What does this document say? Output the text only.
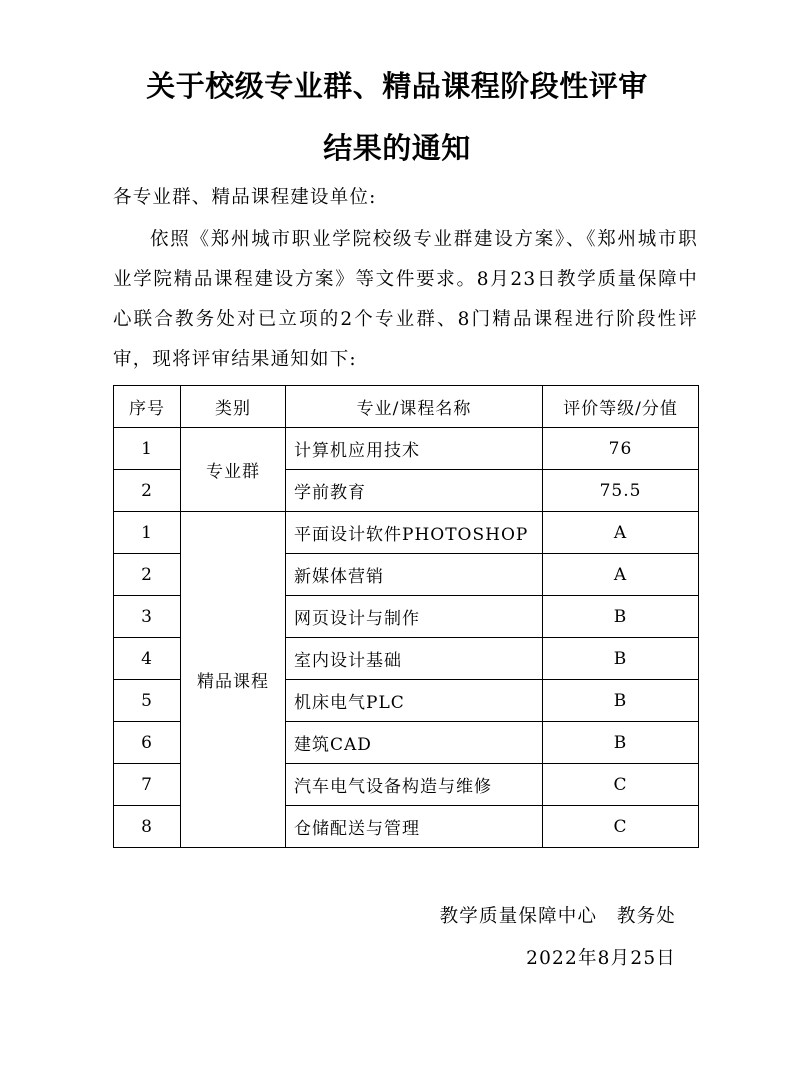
关于校级专业群、精品课程阶段性评审
结果的通知
各专业群、精品课程建设单位:
依照《郑州城市职业学院校级专业群建设方案》、《郑州城市职业学院精品课程建设方案》等文件要求。8月23日教学质量保障中心联合教务处对已立项的2个专业群、8门精品课程进行阶段性评审，现将评审结果通知如下:
序号	类别	专业/课程名称	评价等级/分值
1	专业群	计算机应用技术	76
2		学前教育	75.5
1	精品课程	平面设计软件PHOTOSHOP	A
2		新媒体营销	A
3		网页设计与制作	B
4		室内设计基础	B
5		机床电气PLC	B
6		建筑CAD	B
7		汽车电气设备构造与维修	C
8		仓储配送与管理	C
教学质量保障中心　教务处
2022年8月25日
